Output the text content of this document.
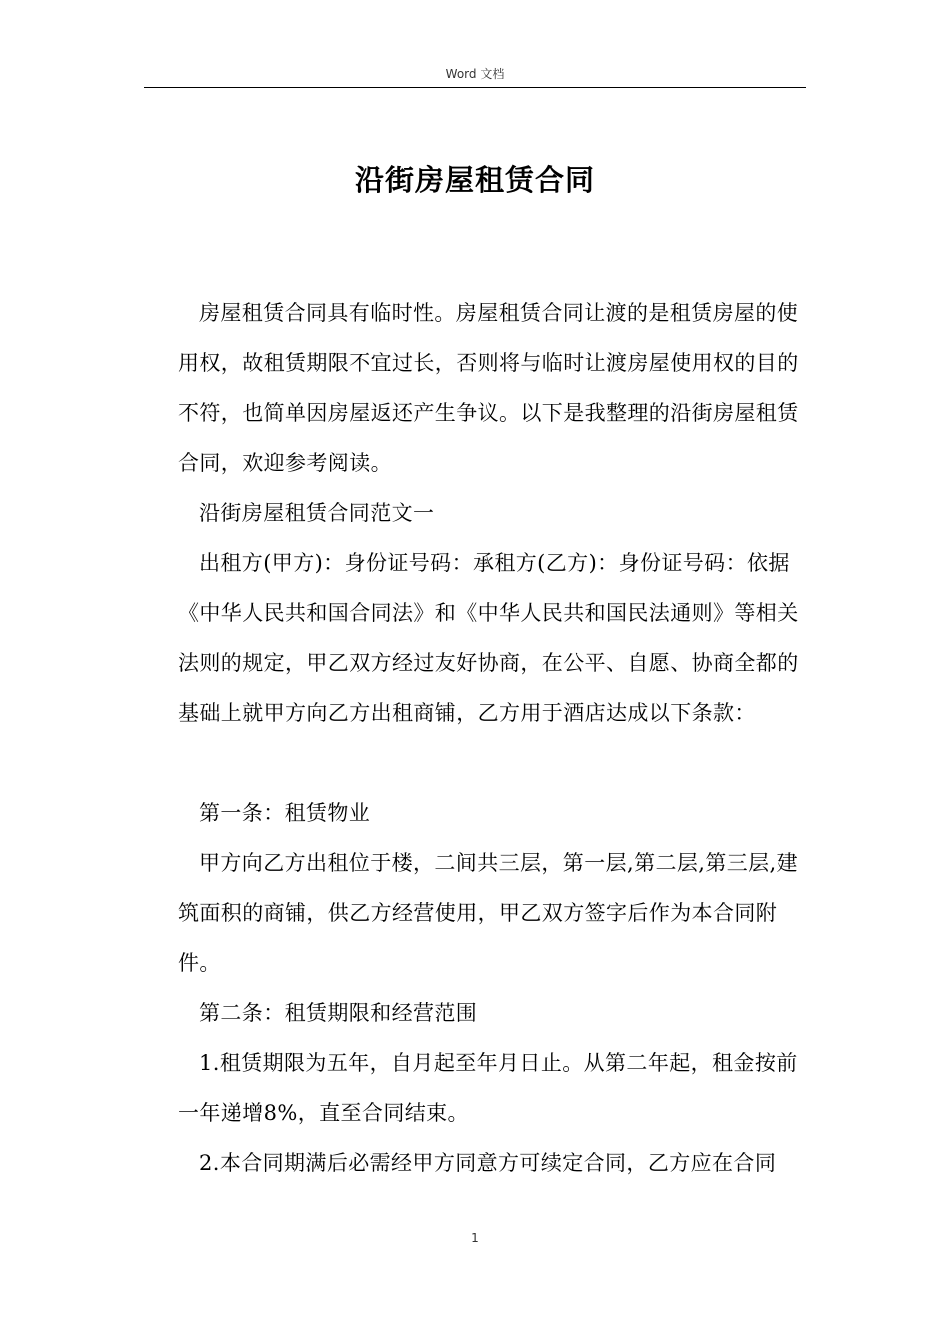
Word 文档
沿街房屋租赁合同

房屋租赁合同具有临时性。房屋租赁合同让渡的是租赁房屋的使用权，故租赁期限不宜过长，否则将与临时让渡房屋使用权的目的不符，也简单因房屋返还产生争议。以下是我整理的沿街房屋租赁合同，欢迎参考阅读。

沿街房屋租赁合同范文一

出租方(甲方)：身份证号码：承租方(乙方)：身份证号码：依据《中华人民共和国合同法》和《中华人民共和国民法通则》等相关法则的规定，甲乙双方经过友好协商，在公平、自愿、协商全都的基础上就甲方向乙方出租商铺，乙方用于酒店达成以下条款：

第一条：租赁物业

甲方向乙方出租位于楼，二间共三层，第一层,第二层,第三层,建筑面积的商铺，供乙方经营使用，甲乙双方签字后作为本合同附件。

第二条：租赁期限和经营范围

1.租赁期限为五年，自月起至年月日止。从第二年起，租金按前一年递增8%，直至合同结束。

2.本合同期满后必需经甲方同意方可续定合同，乙方应在合同

1
